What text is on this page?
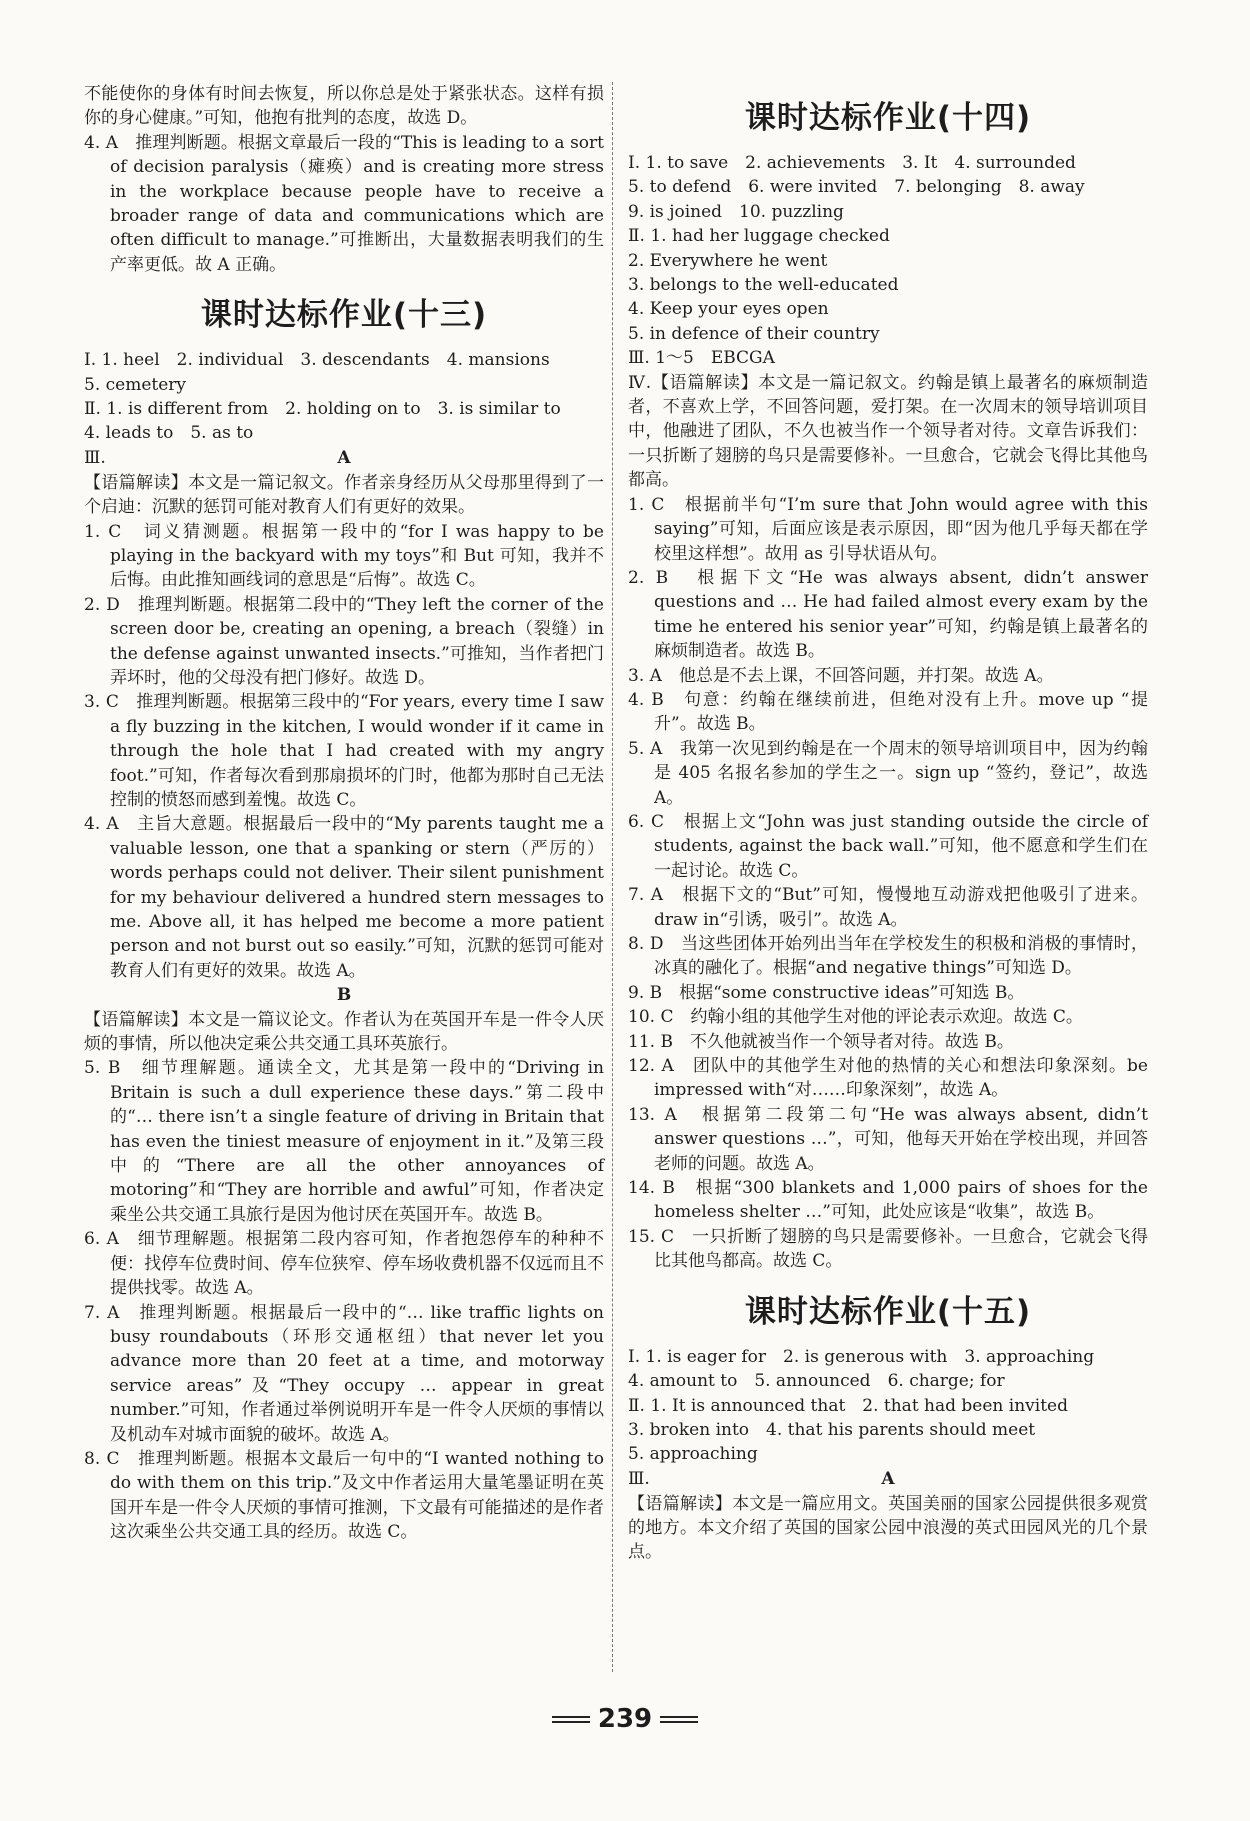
不能使你的身体有时间去恢复，所以你总是处于紧张状态。这样有损你的身心健康。”可知，他抱有批判的态度，故选 D。

4. A　推理判断题。根据文章最后一段的“This is leading to a sort of decision paralysis（瘫痪）and is creating more stress in the workplace because people have to receive a broader range of data and communications which are often difficult to manage.”可推断出，大量数据表明我们的生产率更低。故 A 正确。

课时达标作业(十三)

Ⅰ. 1. heel　2. individual　3. descendants　4. mansions

5. cemetery

Ⅱ. 1. is different from　2. holding on to　3. is similar to

4. leads to　5. as to

Ⅲ.	A

【语篇解读】本文是一篇记叙文。作者亲身经历从父母那里得到了一个启迪：沉默的惩罚可能对教育人们有更好的效果。

1. C　词义猜测题。根据第一段中的“for I was happy to be playing in the backyard with my toys”和 But 可知，我并不后悔。由此推知画线词的意思是“后悔”。故选 C。

2. D　推理判断题。根据第二段中的“They left the corner of the screen door be, creating an opening, a breach（裂缝）in the defense against unwanted insects.”可推知，当作者把门弄坏时，他的父母没有把门修好。故选 D。

3. C　推理判断题。根据第三段中的“For years, every time I saw a fly buzzing in the kitchen, I would wonder if it came in through the hole that I had created with my angry foot.”可知，作者每次看到那扇损坏的门时，他都为那时自己无法控制的愤怒而感到羞愧。故选 C。

4. A　主旨大意题。根据最后一段中的“My parents taught me a valuable lesson, one that a spanking or stern（严厉的）words perhaps could not deliver. Their silent punishment for my behaviour delivered a hundred stern messages to me. Above all, it has helped me become a more patient person and not burst out so easily.”可知，沉默的惩罚可能对教育人们有更好的效果。故选 A。

B

【语篇解读】本文是一篇议论文。作者认为在英国开车是一件令人厌烦的事情，所以他决定乘公共交通工具环英旅行。

5. B　细节理解题。通读全文，尤其是第一段中的“Driving in Britain is such a dull experience these days.”第二段中的“… there isn’t a single feature of driving in Britain that has even the tiniest measure of enjoyment in it.”及第三段中的“There are all the other annoyances of motoring”和“They are horrible and awful”可知，作者决定乘坐公共交通工具旅行是因为他讨厌在英国开车。故选 B。

6. A　细节理解题。根据第二段内容可知，作者抱怨停车的种种不便：找停车位费时间、停车位狭窄、停车场收费机器不仅远而且不提供找零。故选 A。

7. A　推理判断题。根据最后一段中的“… like traffic lights on busy roundabouts（环形交通枢纽）that never let you advance more than 20 feet at a time, and motorway service areas”及“They occupy … appear in great number.”可知，作者通过举例说明开车是一件令人厌烦的事情以及机动车对城市面貌的破坏。故选 A。

8. C　推理判断题。根据本文最后一句中的“I wanted nothing to do with them on this trip.”及文中作者运用大量笔墨证明在英国开车是一件令人厌烦的事情可推测，下文最有可能描述的是作者这次乘坐公共交通工具的经历。故选 C。

课时达标作业(十四)

Ⅰ. 1. to save　2. achievements　3. It　4. surrounded

5. to defend　6. were invited　7. belonging　8. away

9. is joined　10. puzzling

Ⅱ. 1. had her luggage checked

2. Everywhere he went

3. belongs to the well-educated

4. Keep your eyes open

5. in defence of their country

Ⅲ. 1～5　EBCGA

Ⅳ.【语篇解读】本文是一篇记叙文。约翰是镇上最著名的麻烦制造者，不喜欢上学，不回答问题，爱打架。在一次周末的领导培训项目中，他融进了团队，不久也被当作一个领导者对待。文章告诉我们：一只折断了翅膀的鸟只是需要修补。一旦愈合，它就会飞得比其他鸟都高。

1. C　根据前半句“I’m sure that John would agree with this saying”可知，后面应该是表示原因，即“因为他几乎每天都在学校里这样想”。故用 as 引导状语从句。

2. B　根据下文“He was always absent, didn’t answer questions and … He had failed almost every exam by the time he entered his senior year”可知，约翰是镇上最著名的麻烦制造者。故选 B。

3. A　他总是不去上课，不回答问题，并打架。故选 A。

4. B　句意：约翰在继续前进，但绝对没有上升。move up “提升”。故选 B。

5. A　我第一次见到约翰是在一个周末的领导培训项目中，因为约翰是 405 名报名参加的学生之一。sign up “签约，登记”，故选 A。

6. C　根据上文“John was just standing outside the circle of students, against the back wall.”可知，他不愿意和学生们在一起讨论。故选 C。

7. A　根据下文的“But”可知，慢慢地互动游戏把他吸引了进来。draw in“引诱，吸引”。故选 A。

8. D　当这些团体开始列出当年在学校发生的积极和消极的事情时，冰真的融化了。根据“and negative things”可知选 D。

9. B　根据“some constructive ideas”可知选 B。

10. C　约翰小组的其他学生对他的评论表示欢迎。故选 C。

11. B　不久他就被当作一个领导者对待。故选 B。

12. A　团队中的其他学生对他的热情的关心和想法印象深刻。be impressed with“对……印象深刻”，故选 A。

13. A　根据第二段第二句“He was always absent, didn’t answer questions …”，可知，他每天开始在学校出现，并回答老师的问题。故选 A。

14. B　根据“300 blankets and 1,000 pairs of shoes for the homeless shelter …”可知，此处应该是“收集”，故选 B。

15. C　一只折断了翅膀的鸟只是需要修补。一旦愈合，它就会飞得比其他鸟都高。故选 C。

课时达标作业(十五)

Ⅰ. 1. is eager for　2. is generous with　3. approaching

4. amount to　5. announced　6. charge; for

Ⅱ. 1. It is announced that　2. that had been invited

3. broken into　4. that his parents should meet

5. approaching

Ⅲ.	A

【语篇解读】本文是一篇应用文。英国美丽的国家公园提供很多观赏的地方。本文介绍了英国的国家公园中浪漫的英式田园风光的几个景点。

239
